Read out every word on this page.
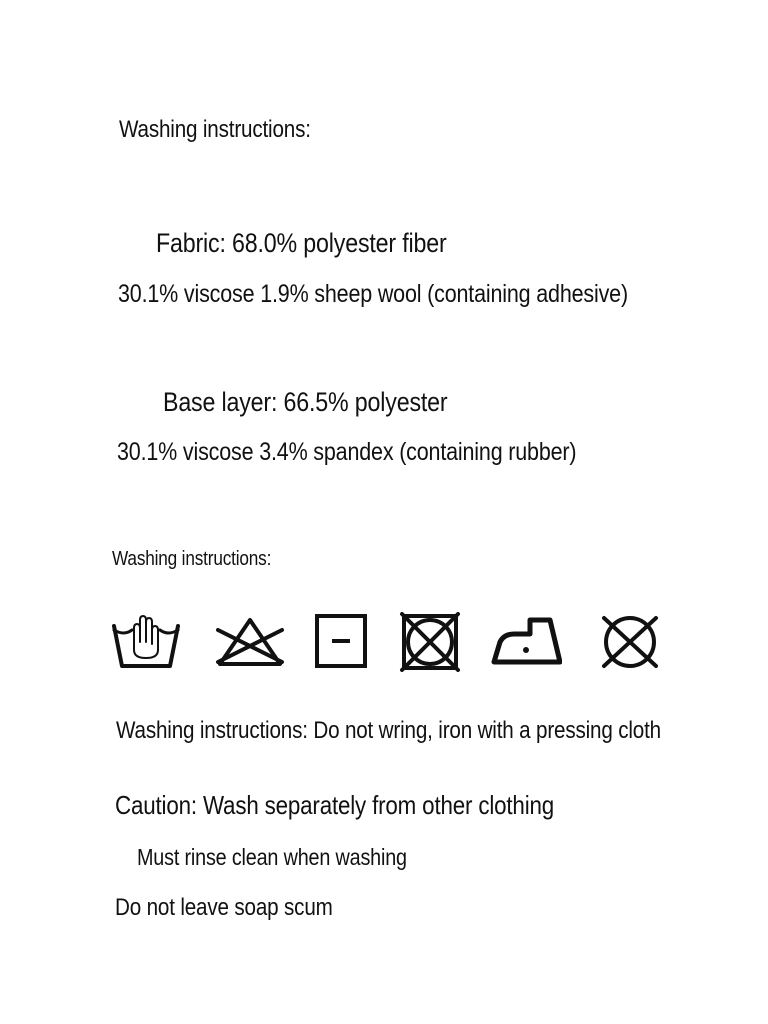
Washing instructions:
Fabric: 68.0% polyester fiber
30.1% viscose 1.9% sheep wool (containing adhesive)
Base layer: 66.5% polyester
30.1% viscose 3.4% spandex (containing rubber)
Washing instructions:
Washing instructions: Do not wring, iron with a pressing cloth
Caution: Wash separately from other clothing
Must rinse clean when washing
Do not leave soap scum
